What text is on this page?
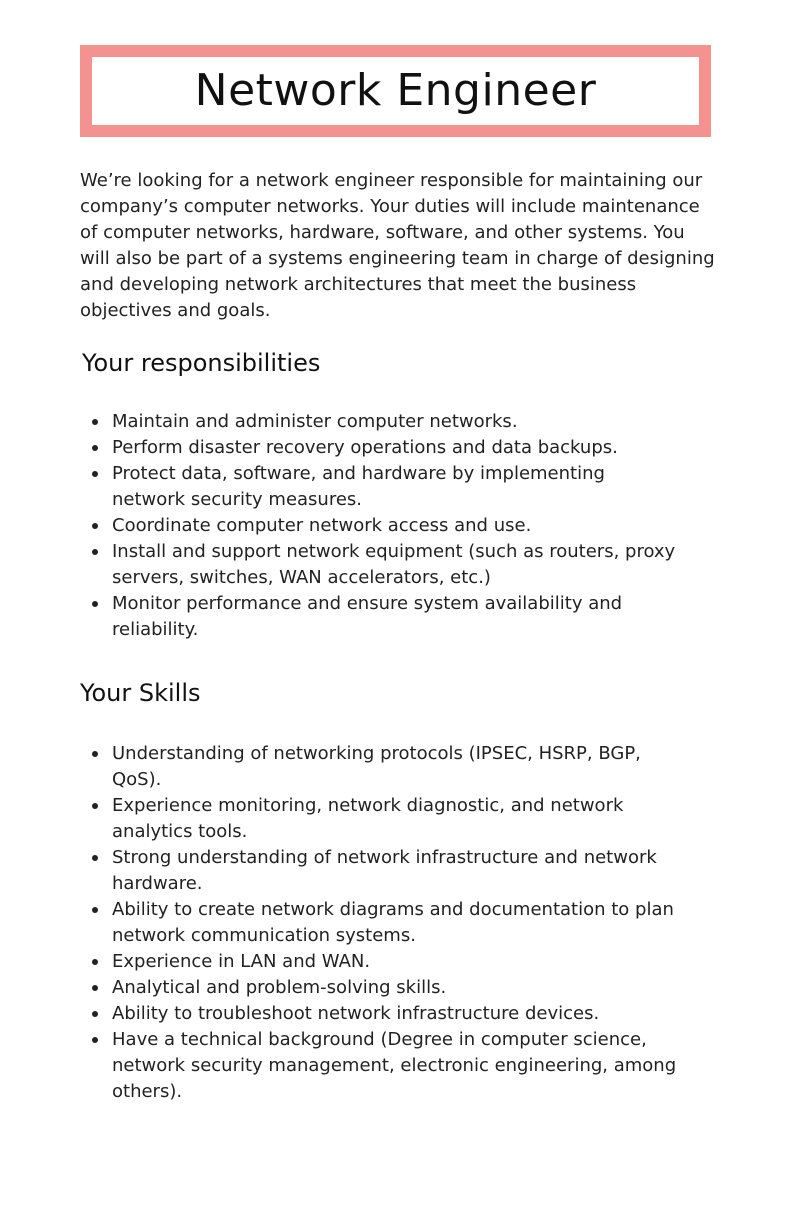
Network Engineer

We’re looking for a network engineer responsible for maintaining our company’s computer networks. Your duties will include maintenance of computer networks, hardware, software, and other systems. You will also be part of a systems engineering team in charge of designing and developing network architectures that meet the business objectives and goals.

Your responsibilities
Maintain and administer computer networks.
Perform disaster recovery operations and data backups.
Protect data, software, and hardware by implementing network security measures.
Coordinate computer network access and use.
Install and support network equipment (such as routers, proxy servers, switches, WAN accelerators, etc.)
Monitor performance and ensure system availability and reliability.
Your Skills
Understanding of networking protocols (IPSEC, HSRP, BGP, QoS).
Experience monitoring, network diagnostic, and network analytics tools.
Strong understanding of network infrastructure and network hardware.
Ability to create network diagrams and documentation to plan network communication systems.
Experience in LAN and WAN.
Analytical and problem-solving skills.
Ability to troubleshoot network infrastructure devices.
Have a technical background (Degree in computer science, network security management, electronic engineering, among others).
